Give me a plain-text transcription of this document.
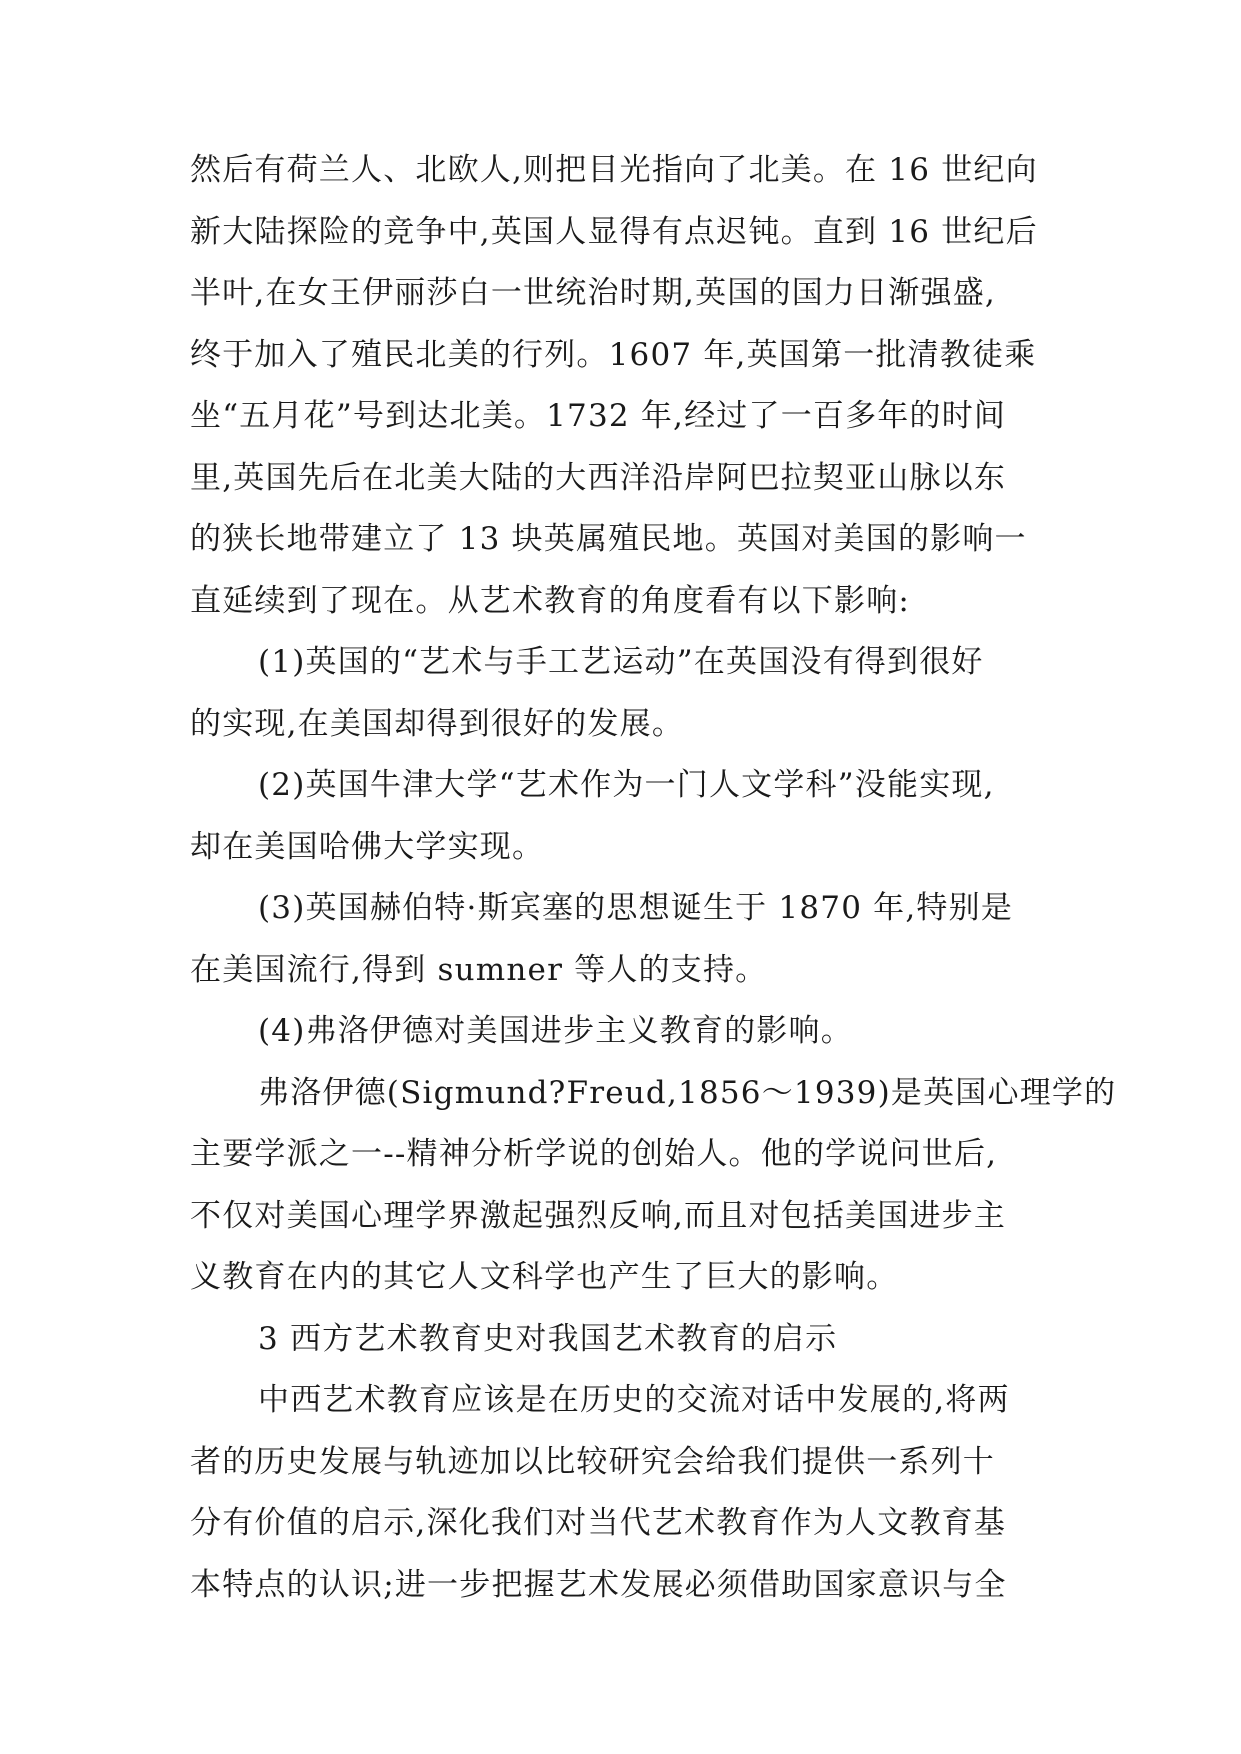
然后有荷兰人、北欧人,则把目光指向了北美。在 16 世纪向
新大陆探险的竞争中,英国人显得有点迟钝。直到 16 世纪后
半叶,在女王伊丽莎白一世统治时期,英国的国力日渐强盛,
终于加入了殖民北美的行列。1607 年,英国第一批清教徒乘
坐“五月花”号到达北美。1732 年,经过了一百多年的时间
里,英国先后在北美大陆的大西洋沿岸阿巴拉契亚山脉以东
的狭长地带建立了 13 块英属殖民地。英国对美国的影响一
直延续到了现在。从艺术教育的角度看有以下影响:
(1)英国的“艺术与手工艺运动”在英国没有得到很好
的实现,在美国却得到很好的发展。
(2)英国牛津大学“艺术作为一门人文学科”没能实现,
却在美国哈佛大学实现。
(3)英国赫伯特·斯宾塞的思想诞生于 1870 年,特别是
在美国流行,得到 sumner 等人的支持。
(4)弗洛伊德对美国进步主义教育的影响。
弗洛伊德(Sigmund?Freud,1856～1939)是英国心理学的
主要学派之一--精神分析学说的创始人。他的学说问世后,
不仅对美国心理学界激起强烈反响,而且对包括美国进步主
义教育在内的其它人文科学也产生了巨大的影响。
3 西方艺术教育史对我国艺术教育的启示
中西艺术教育应该是在历史的交流对话中发展的,将两
者的历史发展与轨迹加以比较研究会给我们提供一系列十
分有价值的启示,深化我们对当代艺术教育作为人文教育基
本特点的认识;进一步把握艺术发展必须借助国家意识与全
